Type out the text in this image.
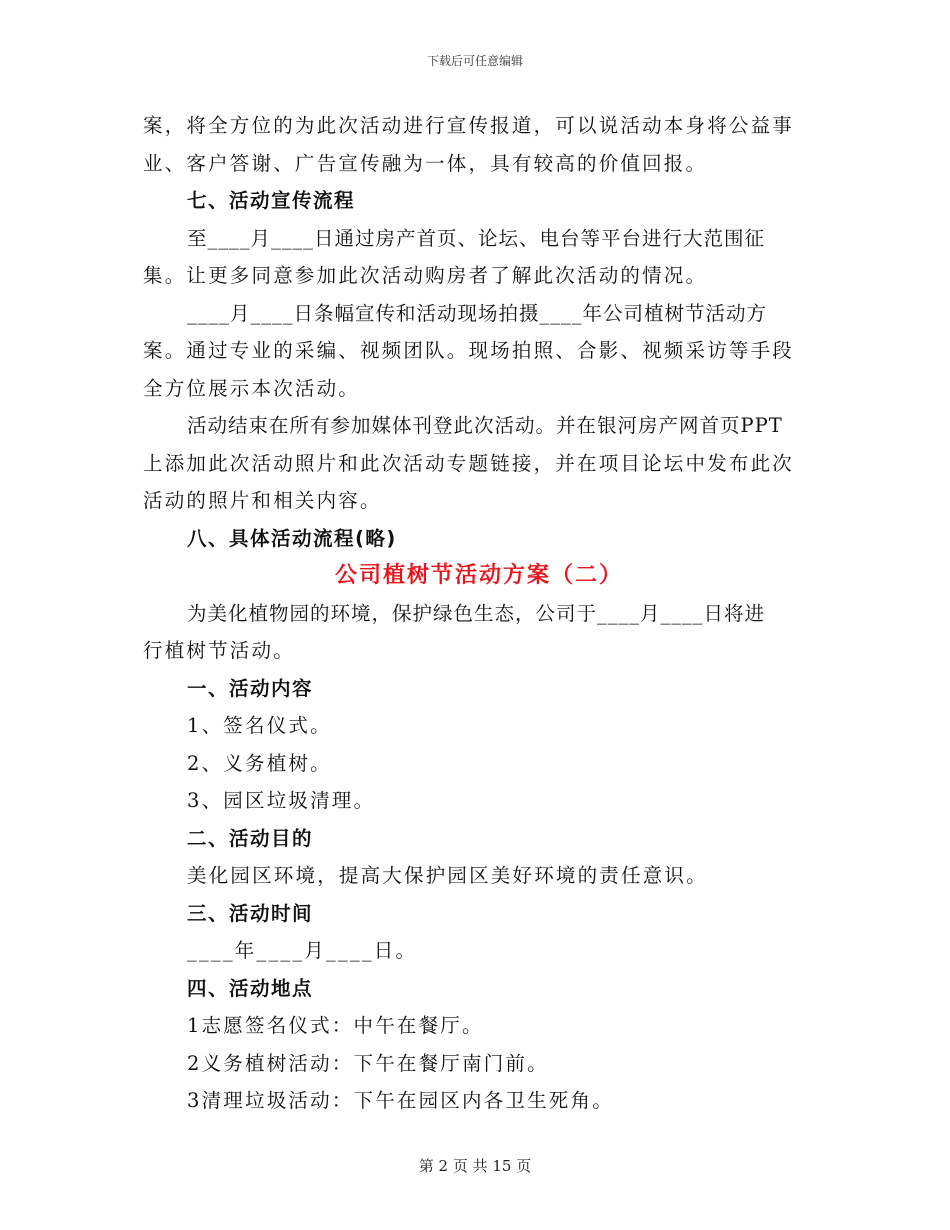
下载后可任意编辑
案，将全方位的为此次活动进行宣传报道，可以说活动本身将公益事
业、客户答谢、广告宣传融为一体，具有较高的价值回报。
七、活动宣传流程
至____月____日通过房产首页、论坛、电台等平台进行大范围征
集。让更多同意参加此次活动购房者了解此次活动的情况。
____月____日条幅宣传和活动现场拍摄____年公司植树节活动方
案。通过专业的采编、视频团队。现场拍照、合影、视频采访等手段
全方位展示本次活动。
活动结束在所有参加媒体刊登此次活动。并在银河房产网首页PPT
上添加此次活动照片和此次活动专题链接，并在项目论坛中发布此次
活动的照片和相关内容。
八、具体活动流程(略)
公司植树节活动方案（二）
为美化植物园的环境，保护绿色生态，公司于____月____日将进
行植树节活动。
一、活动内容
1、签名仪式。
2、义务植树。
3、园区垃圾清理。
二、活动目的
美化园区环境，提高大保护园区美好环境的责任意识。
三、活动时间
____年____月____日。
四、活动地点
1志愿签名仪式：中午在餐厅。
2义务植树活动：下午在餐厅南门前。
3清理垃圾活动：下午在园区内各卫生死角。
第 2 页 共 15 页
